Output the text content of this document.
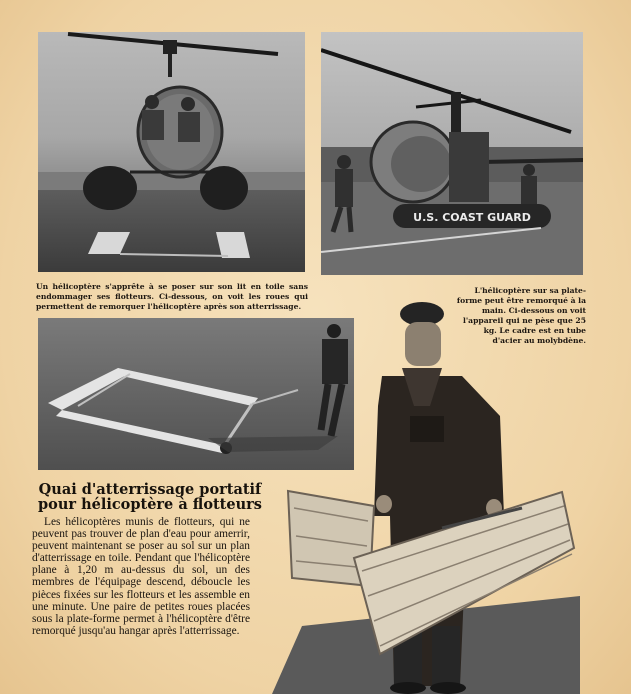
U.S. COAST GUARD

Un hélicoptère s'apprête à se poser sur son lit en toile sans endommager ses flotteurs. Ci-dessous, on voit les roues qui permettent de remorquer l'hélicoptère après son atterrissage.

L'hélicoptère sur sa plate-forme peut être remorqué à la main. Ci-dessous on voit l'appareil qui ne pèse que 25 kg. Le cadre est en tube d'acier au molybdène.

Quai d'atterrissage portatif pour hélicoptère à flotteurs

Les hélicoptères munis de flotteurs, qui ne peuvent pas trouver de plan d'eau pour amerrir, peuvent maintenant se poser au sol sur un plan d'atterrissage en toile. Pendant que l'hélicoptère plane à 1,20 m au-dessus du sol, un des membres de l'équipage descend, déboucle les pièces fixées sur les flotteurs et les assemble en une minute. Une paire de petites roues placées sous la plate-forme permet à l'hélicoptère d'être remorqué jusqu'au hangar après l'atterrissage.
